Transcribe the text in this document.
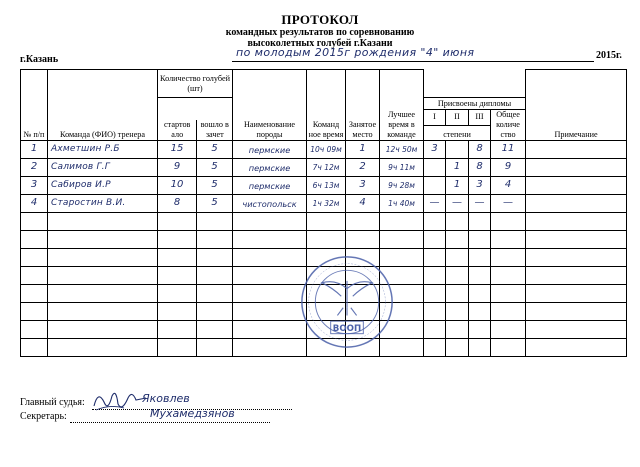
ПРОТОКОЛ
командных результатов по соревнованию
высоколетных голубей г.Казани
г.Казань
по молодым 2015г рождения "4" июня	2015г.
№ п/п	Команда (ФИО) тренера	Количество голубей (шт)		Наименование породы	Команд ное время	Занятое место	Лучшее время в команде					Примечание

		стартов ало
вошло в зачет						Присвоены дипломы				
								I	II	III	Общее количе ство	
								степени				
1	Ахметшин Р.Б	15	5	пермские	10ч 09м	1	12ч 50м	3		8	11	
2	Салимов Г.Г	9	5	пермские	7ч 12м	2	9ч 11м		1	8	9	
3	Сабиров И.Р	10	5	пермские	6ч 13м	3	9ч 28м		1	3	4	
4	Старостин В.И.	8	5	чистопольск	1ч 32м	4	1ч 40м	—	—	—	—	

ВООП
Главный судья:	Яковлев
Секретарь:	Мухамедзянов
